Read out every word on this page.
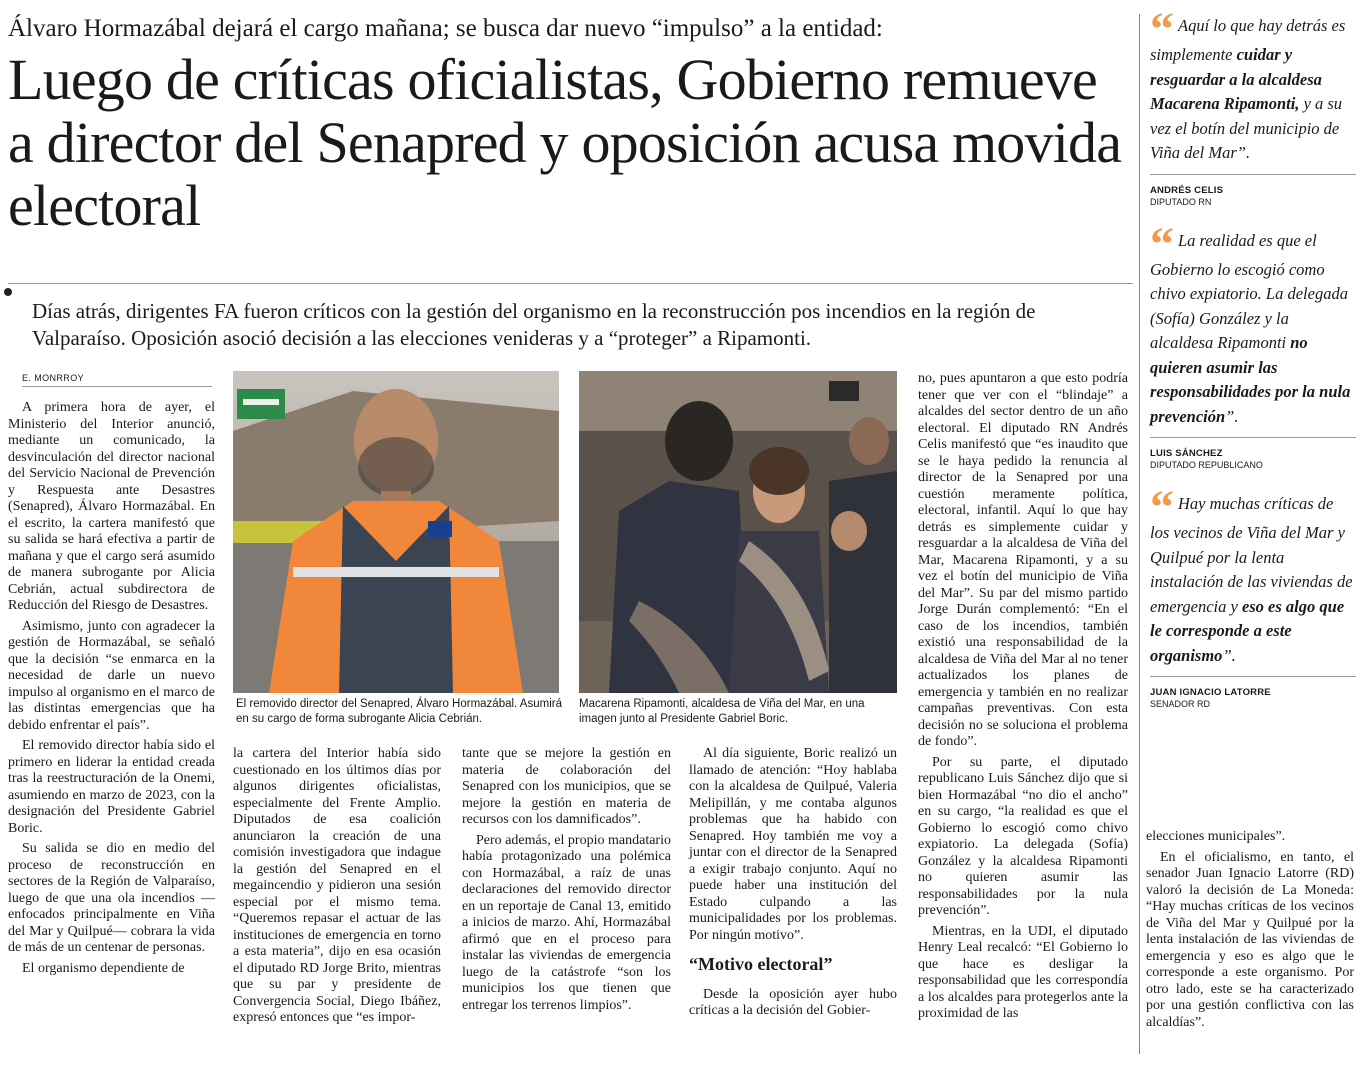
Álvaro Hormazábal dejará el cargo mañana; se busca dar nuevo “impulso” a la entidad:
Luego de críticas oficialistas, Gobierno remueve a director del Senapred y oposición acusa movida electoral
Días atrás, dirigentes FA fueron críticos con la gestión del organismo en la reconstrucción pos incendios en la región de Valparaíso. Oposición asoció decisión a las elecciones venideras y a “proteger” a Ripamonti.
E. MONRROY

A primera hora de ayer, el Ministerio del Interior anunció, mediante un comunicado, la desvinculación del director nacional del Servicio Nacional de Prevención y Respuesta ante Desastres (Senapred), Álvaro Hormazábal. En el escrito, la cartera manifestó que su salida se hará efectiva a partir de mañana y que el cargo será asumido de manera subrogante por Alicia Cebrián, actual subdirectora de Reducción del Riesgo de Desastres.

Asimismo, junto con agradecer la gestión de Hormazábal, se señaló que la decisión “se enmarca en la necesidad de darle un nuevo impulso al organismo en el marco de las distintas emergencias que ha debido enfrentar el país”.

El removido director había sido el primero en liderar la entidad creada tras la reestructuración de la Onemi, asumiendo en marzo de 2023, con la designación del Presidente Gabriel Boric.

Su salida se dio en medio del proceso de reconstrucción en sectores de la Región de Valparaíso, luego de que una ola incendios —enfocados principalmente en Viña del Mar y Quilpué— cobrara la vida de más de un centenar de personas.

El organismo dependiente de

El removido director del Senapred, Álvaro Hormazábal. Asumirá en su cargo de forma subrogante Alicia Cebrián.
Macarena Ripamonti, alcaldesa de Viña del Mar, en una imagen junto al Presidente Gabriel Boric.

la cartera del Interior había sido cuestionado en los últimos días por algunos dirigentes oficialistas, especialmente del Frente Amplio. Diputados de esa coalición anunciaron la creación de una comisión investigadora que indague la gestión del Senapred en el megaincendio y pidieron una sesión especial por el mismo tema. “Queremos repasar el actuar de las instituciones de emergencia en torno a esta materia”, dijo en esa ocasión el diputado RD Jorge Brito, mientras que su par y presidente de Convergencia Social, Diego Ibáñez, expresó entonces que “es impor-

tante que se mejore la gestión en materia de colaboración del Senapred con los municipios, que se mejore la gestión en materia de recursos con los damnificados”.

Pero además, el propio mandatario había protagonizado una polémica con Hormazábal, a raíz de unas declaraciones del removido director en un reportaje de Canal 13, emitido a inicios de marzo. Ahí, Hormazábal afirmó que en el proceso para instalar las viviendas de emergencia luego de la catástrofe “son los municipios los que tienen que entregar los terrenos limpios”.

Al día siguiente, Boric realizó un llamado de atención: “Hoy hablaba con la alcaldesa de Quilpué, Valeria Melipillán, y me contaba algunos problemas que ha habido con Senapred. Hoy también me voy a juntar con el director de la Senapred a exigir trabajo conjunto. Aquí no puede haber una institución del Estado culpando a las municipalidades por los problemas. Por ningún motivo”.

“Motivo electoral”

Desde la oposición ayer hubo críticas a la decisión del Gobier-

no, pues apuntaron a que esto podría tener que ver con el “blindaje” a alcaldes del sector dentro de un año electoral. El diputado RN Andrés Celis manifestó que “es inaudito que se le haya pedido la renuncia al director de la Senapred por una cuestión meramente política, electoral, infantil. Aquí lo que hay detrás es simplemente cuidar y resguardar a la alcaldesa de Viña del Mar, Macarena Ripamonti, y a su vez el botín del municipio de Viña del Mar”. Su par del mismo partido Jorge Durán complementó: “En el caso de los incendios, también existió una responsabilidad de la alcaldesa de Viña del Mar al no tener actualizados los planes de emergencia y también en no realizar campañas preventivas. Con esta decisión no se soluciona el problema de fondo”.

Por su parte, el diputado republicano Luis Sánchez dijo que si bien Hormazábal “no dio el ancho” en su cargo, “la realidad es que el Gobierno lo escogió como chivo expiatorio. La delegada (Sofía) González y la alcaldesa Ripamonti no quieren asumir las responsabilidades por la nula prevención”.

Mientras, en la UDI, el diputado Henry Leal recalcó: “El Gobierno lo que hace es desligar la responsabilidad que les correspondía a los alcaldes para protegerlos ante la proximidad de las

elecciones municipales”.

En el oficialismo, en tanto, el senador Juan Ignacio Latorre (RD) valoró la decisión de La Moneda: “Hay muchas críticas de los vecinos de Viña del Mar y Quilpué por la lenta instalación de las viviendas de emergencia y eso es algo que le corresponde a este organismo. Por otro lado, este se ha caracterizado por una gestión conflictiva con las alcaldías”.

“ Aquí lo que hay detrás es simplemente cuidar y resguardar a la alcaldesa Macarena Ripamonti, y a su vez el botín del municipio de Viña del Mar”.
ANDRÉS CELIS
DIPUTADO RN
“ La realidad es que el Gobierno lo escogió como chivo expiatorio. La delegada (Sofía) González y la alcaldesa Ripamonti no quieren asumir las responsabilidades por la nula prevención”.
LUIS SÁNCHEZ
DIPUTADO REPUBLICANO
“ Hay muchas críticas de los vecinos de Viña del Mar y Quilpué por la lenta instalación de las viviendas de emergencia y eso es algo que le corresponde a este organismo”.
JUAN IGNACIO LATORRE
SENADOR RD
